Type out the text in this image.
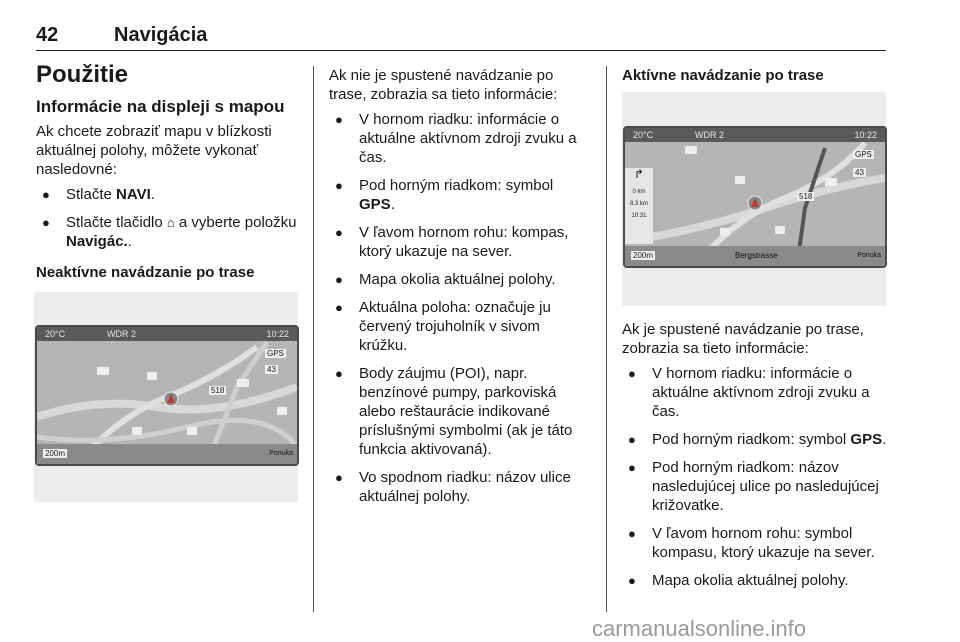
42	Navigácia
Použitie
Informácie na displeji s mapou

Ak chcete zobraziť mapu v blízkosti aktuálnej polohy, môžete vykonať nasledovné:

● Stlačte NAVI.
● Stlačte tlačidlo ⌂ a vyberte položku Navigác..
Neaktívne navádzanie po trase
20°C	WDR 2	10:22
GPS
43
518
200m	Ponuka

Ak nie je spustené navádzanie po trase, zobrazia sa tieto informácie:

● V hornom riadku: informácie o aktuálne aktívnom zdroji zvuku a čas.
● Pod horným riadkom: symbol GPS.
● V ľavom hornom rohu: kompas, ktorý ukazuje na sever.
● Mapa okolia aktuálnej polohy.
● Aktuálna poloha: označuje ju červený trojuholník v sivom krúžku.
● Body záujmu (POI), napr. benzínové pumpy, parkoviská alebo reštaurácie indikované príslušnými symbolmi (ak je táto funkcia aktivovaná).
● Vo spodnom riadku: názov ulice aktuálnej polohy.
Aktívne navádzanie po trase
20°C	WDR 2	10:22
↱
0 km
8.3 km
10:31
GPS
43
518
200m	Bergstrasse	Ponuka

Ak je spustené navádzanie po trase, zobrazia sa tieto informácie:

● V hornom riadku: informácie o aktuálne aktívnom zdroji zvuku a čas.
● Pod horným riadkom: symbol GPS.
● Pod horným riadkom: názov nasledujúcej ulice po nasledujúcej križovatke.
● V ľavom hornom rohu: symbol kompasu, ktorý ukazuje na sever.
● Mapa okolia aktuálnej polohy.
carmanualsonline.info
